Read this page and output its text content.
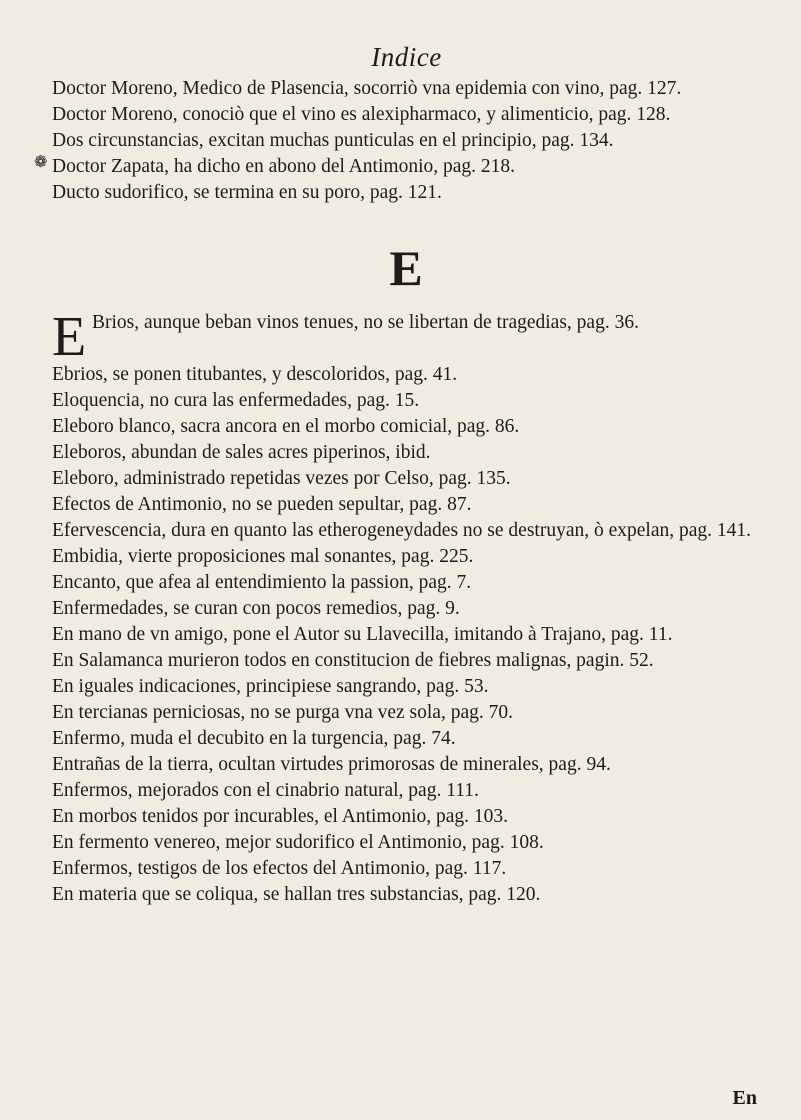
Indice
Doctor Moreno, Medico de Plasencia, socorriò vna epidemia con vino, pag. 127.
Doctor Moreno, conociò que el vino es alexipharmaco, y alimenticio, pag. 128.
Dos circunstancias, excitan muchas punticulas en el principio, pag. 134.
Doctor Zapata, ha dicho en abono del Antimonio, pag. 218.
Ducto sudorifico, se termina en su poro, pag. 121.
E
E Brios, aunque beban vinos tenues, no se libertan de tragedias, pag. 36.
Ebrios, se ponen titubantes, y descoloridos, pag. 41.
Eloquencia, no cura las enfermedades, pag. 15.
Eleboro blanco, sacra ancora en el morbo comicial, pag. 86.
Eleboros, abundan de sales acres piperinos, ibid.
Eleboro, administrado repetidas vezes por Celso, pag. 135.
Efectos de Antimonio, no se pueden sepultar, pag. 87.
Efervescencia, dura en quanto las etherogeneydades no se destruyan, ò expelan, pag. 141.
Embidia, vierte proposiciones mal sonantes, pag. 225.
Encanto, que afea al entendimiento la passion, pag. 7.
Enfermedades, se curan con pocos remedios, pag. 9.
En mano de vn amigo, pone el Autor su Llavecilla, imitando à Trajano, pag. 11.
En Salamanca murieron todos en constitucion de fiebres malignas, pagin. 52.
En iguales indicaciones, principiese sangrando, pag. 53.
En tercianas perniciosas, no se purga vna vez sola, pag. 70.
Enfermo, muda el decubito en la turgencia, pag. 74.
Entrañas de la tierra, ocultan virtudes primorosas de minerales, pag. 94.
Enfermos, mejorados con el cinabrio natural, pag. 111.
En morbos tenidos por incurables, el Antimonio, pag. 103.
En fermento venereo, mejor sudorifico el Antimonio, pag. 108.
Enfermos, testigos de los efectos del Antimonio, pag. 117.
En materia que se coliqua, se hallan tres substancias, pag. 120.
❁
En
